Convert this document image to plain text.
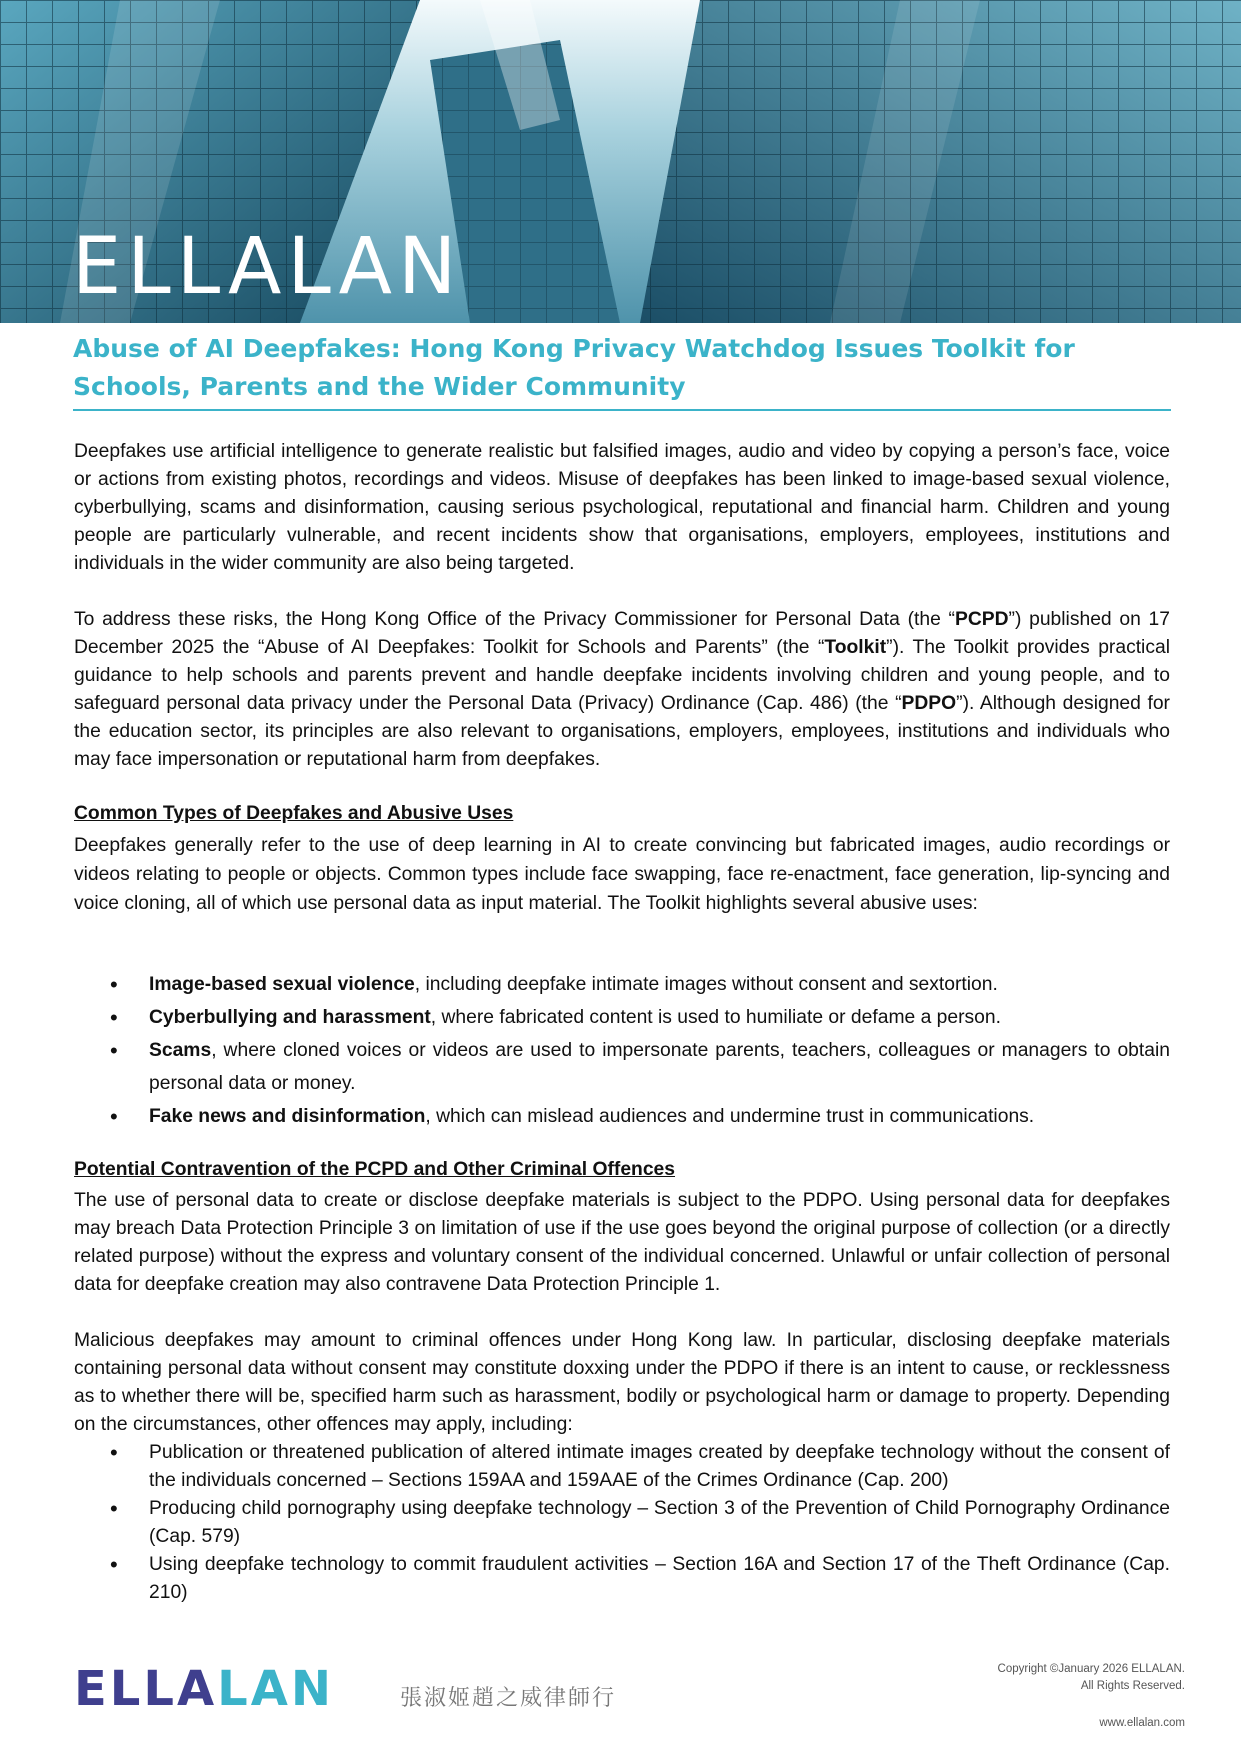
ELLALAN
Abuse of AI Deepfakes: Hong Kong Privacy Watchdog Issues Toolkit for Schools, Parents and the Wider Community

Deepfakes use artificial intelligence to generate realistic but falsified images, audio and video by copying a person’s face, voice or actions from existing photos, recordings and videos. Misuse of deepfakes has been linked to image-based sexual violence, cyberbullying, scams and disinformation, causing serious psychological, reputational and financial harm. Children and young people are particularly vulnerable, and recent incidents show that organisations, employers, employees, institutions and individuals in the wider community are also being targeted.

To address these risks, the Hong Kong Office of the Privacy Commissioner for Personal Data (the “PCPD”) published on 17 December 2025 the “Abuse of AI Deepfakes: Toolkit for Schools and Parents” (the “Toolkit”). The Toolkit provides practical guidance to help schools and parents prevent and handle deepfake incidents involving children and young people, and to safeguard personal data privacy under the Personal Data (Privacy) Ordinance (Cap. 486) (the “PDPO”). Although designed for the education sector, its principles are also relevant to organisations, employers, employees, institutions and individuals who may face impersonation or reputational harm from deepfakes.

Common Types of Deepfakes and Abusive Uses

Deepfakes generally refer to the use of deep learning in AI to create convincing but fabricated images, audio recordings or videos relating to people or objects. Common types include face swapping, face re-enactment, face generation, lip-syncing and voice cloning, all of which use personal data as input material. The Toolkit highlights several abusive uses:

• Image-based sexual violence, including deepfake intimate images without consent and sextortion.
• Cyberbullying and harassment, where fabricated content is used to humiliate or defame a person.
• Scams, where cloned voices or videos are used to impersonate parents, teachers, colleagues or managers to obtain personal data or money.
• Fake news and disinformation, which can mislead audiences and undermine trust in communications.

Potential Contravention of the PCPD and Other Criminal Offences

The use of personal data to create or disclose deepfake materials is subject to the PDPO. Using personal data for deepfakes may breach Data Protection Principle 3 on limitation of use if the use goes beyond the original purpose of collection (or a directly related purpose) without the express and voluntary consent of the individual concerned. Unlawful or unfair collection of personal data for deepfake creation may also contravene Data Protection Principle 1.

Malicious deepfakes may amount to criminal offences under Hong Kong law. In particular, disclosing deepfake materials containing personal data without consent may constitute doxxing under the PDPO if there is an intent to cause, or recklessness as to whether there will be, specified harm such as harassment, bodily or psychological harm or damage to property. Depending on the circumstances, other offences may apply, including:

• Publication or threatened publication of altered intimate images created by deepfake technology without the consent of the individuals concerned – Sections 159AA and 159AAE of the Crimes Ordinance (Cap. 200)
• Producing child pornography using deepfake technology – Section 3 of the Prevention of Child Pornography Ordinance (Cap. 579)
• Using deepfake technology to commit fraudulent activities – Section 16A and Section 17 of the Theft Ordinance (Cap. 210)
ELLALAN	張淑姬趙之威律師行
Copyright ©January 2026 ELLALAN.
All Rights Reserved.
www.ellalan.com
